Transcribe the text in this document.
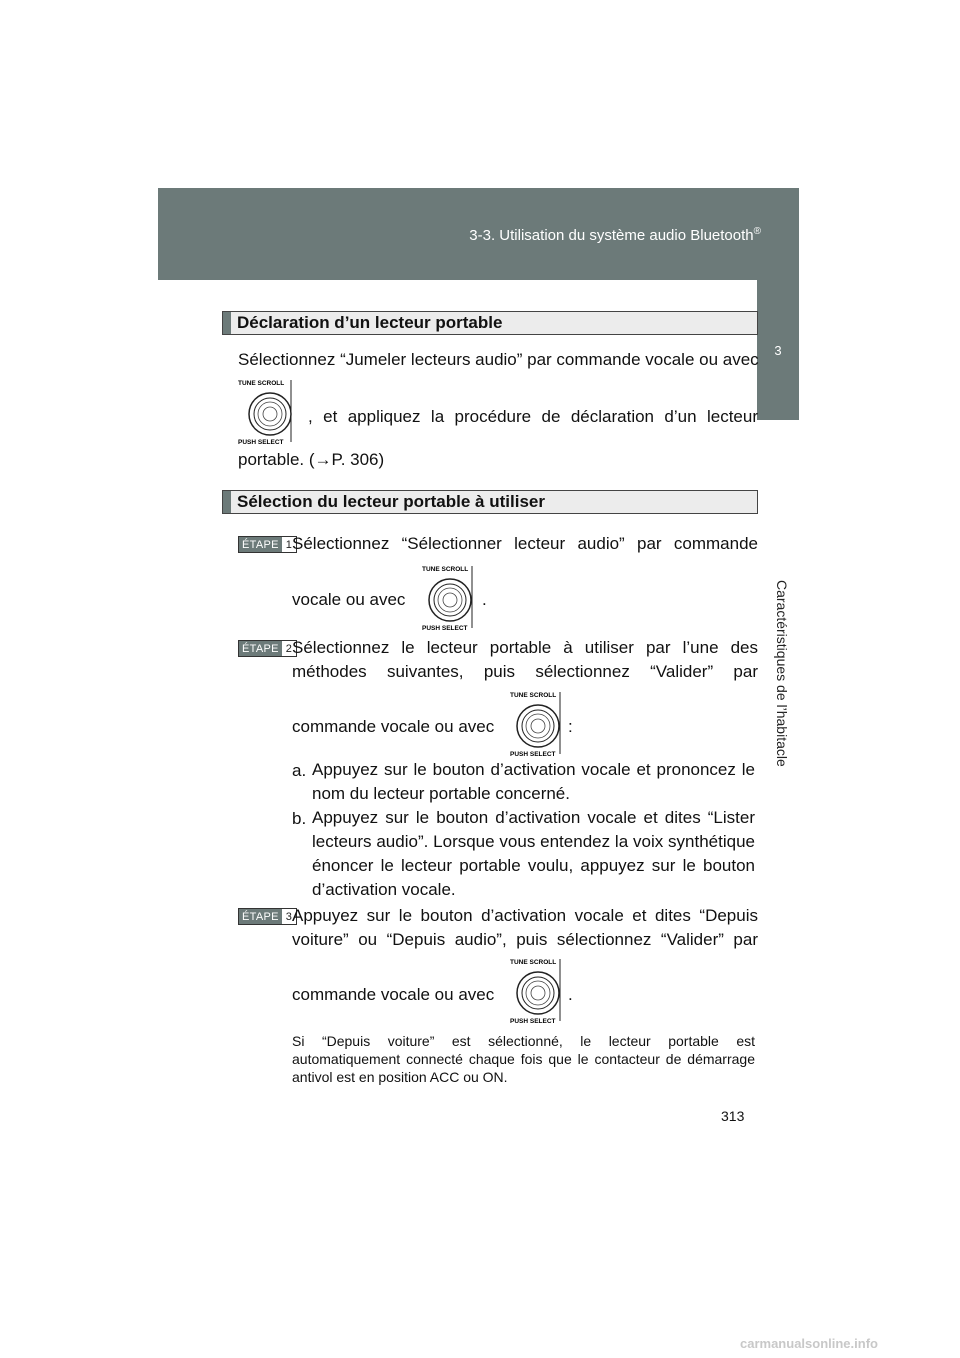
3-3. Utilisation du système audio Bluetooth®
3
Caractéristiques de l’habitacle
Déclaration d’un lecteur portable
Sélectionnez “Jumeler lecteurs audio” par commande vocale ou avec
TUNE SCROLL
PUSH SELECT
, et appliquez la procédure de déclaration d’un lecteur
portable. (→P. 306)
Sélection du lecteur portable à utiliser
ÉTAPE 1 Sélectionnez “Sélectionner lecteur audio” par commande
vocale ou avec
TUNE SCROLL
PUSH SELECT
.
ÉTAPE 2 Sélectionnez le lecteur portable à utiliser par l’une des
méthodes suivantes, puis sélectionnez “Valider” par
commande vocale ou avec
TUNE SCROLL
PUSH SELECT
:
a. Appuyez sur le bouton d’activation vocale et prononcez le nom du lecteur portable concerné.
b. Appuyez sur le bouton d’activation vocale et dites “Lister lecteurs audio”. Lorsque vous entendez la voix synthétique énoncer le lecteur portable voulu, appuyez sur le bouton d’activation vocale.
ÉTAPE 3 Appuyez sur le bouton d’activation vocale et dites “Depuis
voiture” ou “Depuis audio”, puis sélectionnez “Valider” par
commande vocale ou avec
TUNE SCROLL
PUSH SELECT
.
Si “Depuis voiture” est sélectionné, le lecteur portable est automatiquement connecté chaque fois que le contacteur de démarrage antivol est en position ACC ou ON.
313
carmanualsonline.info
